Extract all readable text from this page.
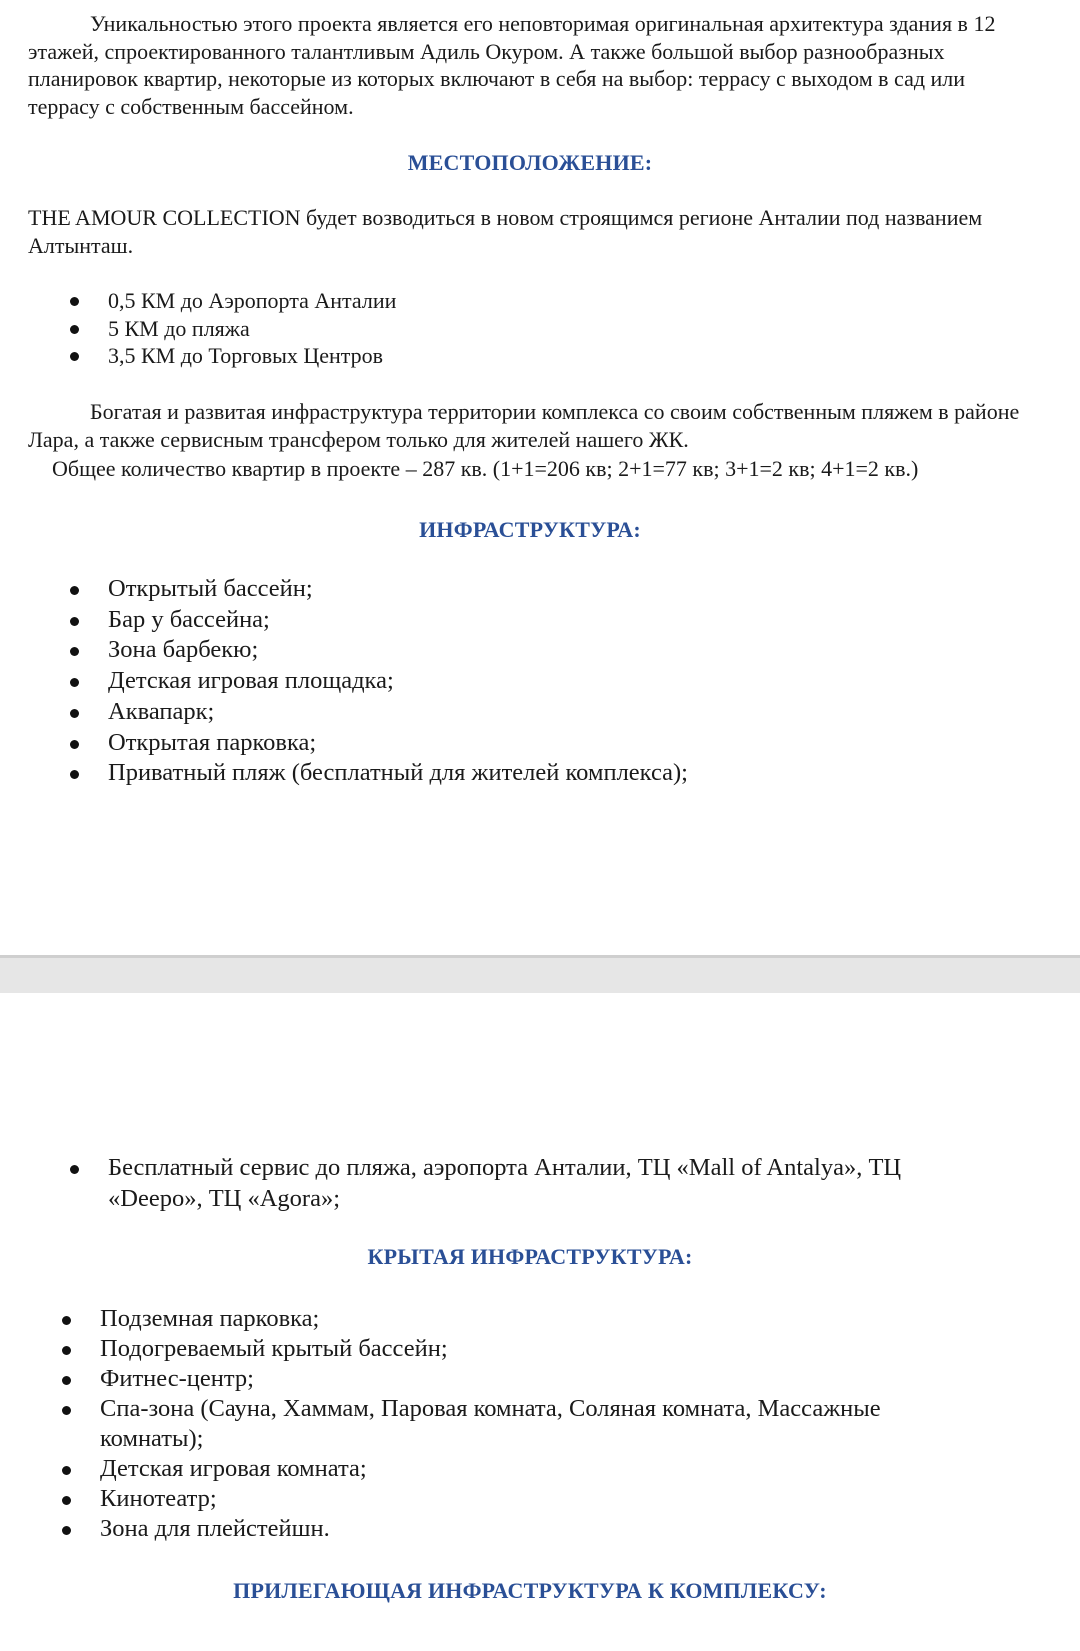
Уникальностью этого проекта является его неповторимая оригинальная архитектура здания в 12 этажей, спроектированного талантливым Адиль Окуром. А также большой выбор разнообразных планировок квартир, некоторые из которых включают в себя на выбор: террасу с выходом в сад или террасу с собственным бассейном.

МЕСТОПОЛОЖЕНИЕ:

THE AMOUR COLLECTION будет возводиться в новом строящимся регионе Анталии под названием Алтынташ.

0,5 КМ до Аэропорта Анталии
5 КМ до пляжа
3,5 КМ до Торговых Центров

Богатая и развитая инфраструктура территории комплекса со своим собственным пляжем в районе Лара, а также сервисным трансфером только для жителей нашего ЖК.

Общее количество квартир в проекте – 287 кв. (1+1=206 кв; 2+1=77 кв; 3+1=2 кв; 4+1=2 кв.)

ИНФРАСТРУКТУРА:
Открытый бассейн;
Бар у бассейна;
Зона барбекю;
Детская игровая площадка;
Аквапарк;
Открытая парковка;
Приватный пляж (бесплатный для жителей комплекса);
Бесплатный сервис до пляжа, аэропорта Анталии, ТЦ «Mall of Antalya», ТЦ «Deepo», ТЦ «Agora»;
КРЫТАЯ ИНФРАСТРУКТУРА:
Подземная парковка;
Подогреваемый крытый бассейн;
Фитнес-центр;
Спа-зона (Сауна, Хаммам, Паровая комната, Соляная комната, Массажные комнаты);
Детская игровая комната;
Кинотеатр;
Зона для плейстейшн.
ПРИЛЕГАЮЩАЯ ИНФРАСТРУКТУРА К КОМПЛЕКСУ:
